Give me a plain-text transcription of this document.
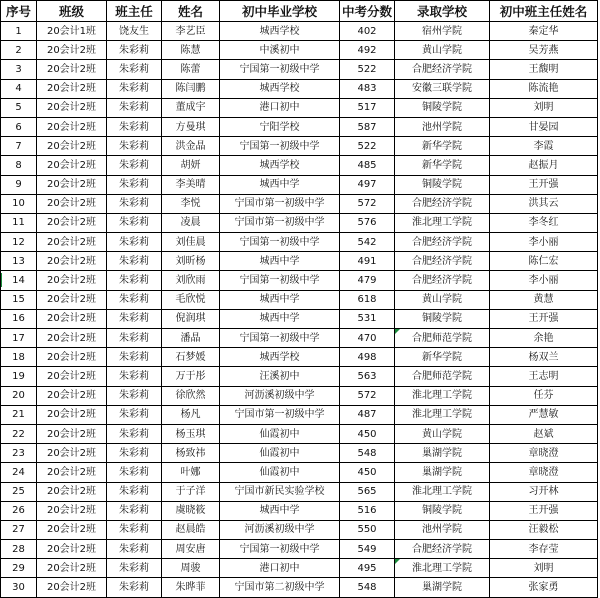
序号	班级	班主任	姓名	初中毕业学校	中考分数	录取学校	初中班主任姓名
1	20会计1班	饶友生	李艺臣	城西学校	402	宿州学院	秦定华
2	20会计2班	朱彩莉	陈慧	中溪初中	492	黄山学院	吴芳燕
3	20会计2班	朱彩莉	陈蕾	宁国第一初级中学	522	合肥经济学院	王馥明
4	20会计2班	朱彩莉	陈闫鹏	城西学校	483	安徽三联学院	陈流艳
5	20会计2班	朱彩莉	董成宇	港口初中	517	铜陵学院	刘明
6	20会计2班	朱彩莉	方曼琪	宁阳学校	587	池州学院	甘晏园
7	20会计2班	朱彩莉	洪金晶	宁国第一初级中学	522	新华学院	李霞
8	20会计2班	朱彩莉	胡妍	城西学校	485	新华学院	赵振月
9	20会计2班	朱彩莉	李美晴	城西中学	497	铜陵学院	王开强
10	20会计2班	朱彩莉	李悦	宁国市第一初级中学	572	合肥经济学院	洪其云
11	20会计2班	朱彩莉	凌晨	宁国市第一初级中学	576	淮北理工学院	李冬红
12	20会计2班	朱彩莉	刘佳晨	宁国第一初级中学	542	合肥经济学院	李小丽
13	20会计2班	朱彩莉	刘昕杨	城西中学	491	合肥经济学院	陈仁宏
14	20会计2班	朱彩莉	刘欣雨	宁国第一初级中学	479	合肥经济学院	李小丽
15	20会计2班	朱彩莉	毛欣悦	城西中学	618	黄山学院	黄慧
16	20会计2班	朱彩莉	倪润琪	城西中学	531	铜陵学院	王开强
17	20会计2班	朱彩莉	潘晶	宁国第一初级中学	470	合肥师范学院	余艳
18	20会计2班	朱彩莉	石梦媛	城西学校	498	新华学院	杨双兰
19	20会计2班	朱彩莉	万于彤	汪溪初中	563	合肥师范学院	王志明
20	20会计2班	朱彩莉	徐欣然	河沥溪初级中学	572	淮北理工学院	任芬
21	20会计2班	朱彩莉	杨凡	宁国市第一初级中学	487	淮北理工学院	严慧敏
22	20会计2班	朱彩莉	杨玉琪	仙霞初中	450	黄山学院	赵斌
23	20会计2班	朱彩莉	杨致祎	仙霞初中	548	巢湖学院	章晓澄
24	20会计2班	朱彩莉	叶娜	仙霞初中	450	巢湖学院	章晓澄
25	20会计2班	朱彩莉	于子洋	宁国市新民实验学校	565	淮北理工学院	习开林
26	20会计2班	朱彩莉	虞晓筱	城西中学	516	铜陵学院	王开强
27	20会计2班	朱彩莉	赵晨皓	河沥溪初级中学	550	池州学院	汪毅松
28	20会计2班	朱彩莉	周安唐	宁国第一初级中学	549	合肥经济学院	李存莹
29	20会计2班	朱彩莉	周骏	港口初中	495	淮北理工学院	刘明
30	20会计2班	朱彩莉	朱晔菲	宁国市第二初级中学	548	巢湖学院	张家勇
